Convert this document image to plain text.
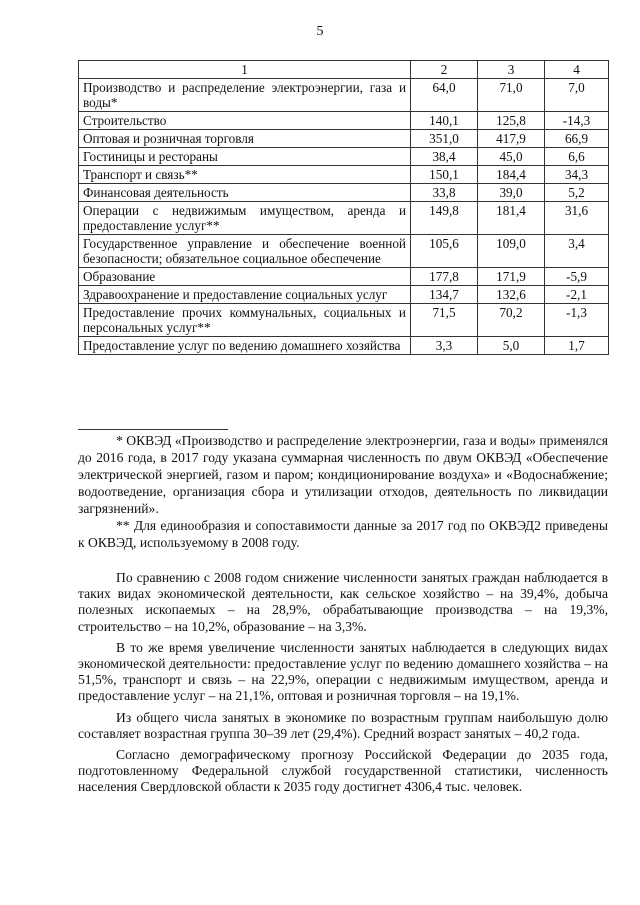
5
1	2	3	4
Производство и распределение электроэнергии, газа и воды*	64,0	71,0	7,0
Строительство	140,1	125,8	-14,3
Оптовая и розничная торговля	351,0	417,9	66,9
Гостиницы и рестораны	38,4	45,0	6,6
Транспорт и связь**	150,1	184,4	34,3
Финансовая деятельность	33,8	39,0	5,2
Операции с недвижимым имуществом, аренда и предоставление услуг**	149,8	181,4	31,6
Государственное управление и обеспечение военной безопасности; обязательное социальное обеспечение	105,6	109,0	3,4
Образование	177,8	171,9	-5,9
Здравоохранение и предоставление социальных услуг	134,7	132,6	-2,1
Предоставление прочих коммунальных, социальных и персональных услуг**	71,5	70,2	-1,3
Предоставление услуг по ведению домашнего хозяйства	3,3	5,0	1,7

* ОКВЭД «Производство и распределение электроэнергии, газа и воды» применялся до 2016 года, в 2017 году указана суммарная численность по двум ОКВЭД «Обеспечение электрической энергией, газом и паром; кондиционирование воздуха» и «Водоснабжение; водоотведение, организация сбора и утилизации отходов, деятельность по ликвидации загрязнений».

** Для единообразия и сопоставимости данные за 2017 год по ОКВЭД2 приведены к ОКВЭД, используемому в 2008 году.

По сравнению с 2008 годом снижение численности занятых граждан наблюдается в таких видах экономической деятельности, как сельское хозяйство – на 39,4%, добыча полезных ископаемых – на 28,9%, обрабатывающие производства – на 19,3%, строительство – на 10,2%, образование – на 3,3%.

В то же время увеличение численности занятых наблюдается в следующих видах экономической деятельности: предоставление услуг по ведению домашнего хозяйства – на 51,5%, транспорт и связь – на 22,9%, операции с недвижимым имуществом, аренда и предоставление услуг – на 21,1%, оптовая и розничная торговля – на 19,1%.

Из общего числа занятых в экономике по возрастным группам наибольшую долю составляет возрастная группа 30–39 лет (29,4%). Средний возраст занятых – 40,2 года.

Согласно демографическому прогнозу Российской Федерации до 2035 года, подготовленному Федеральной службой государственной статистики, численность населения Свердловской области к 2035 году достигнет 4306,4 тыс. человек.
